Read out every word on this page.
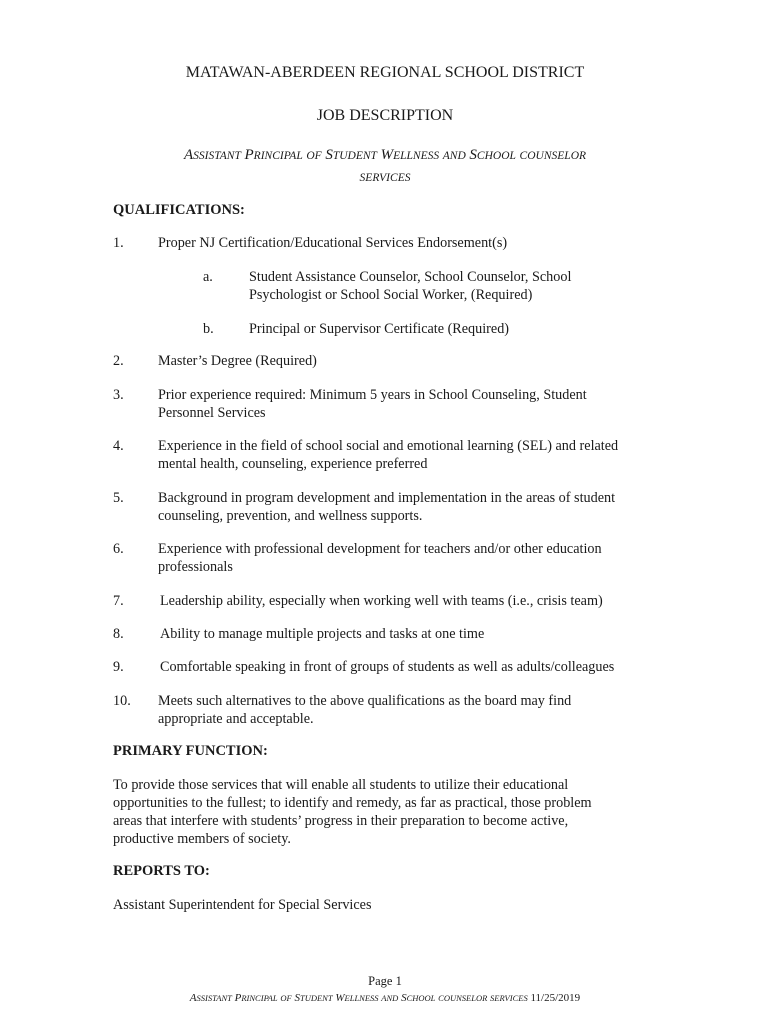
MATAWAN-ABERDEEN REGIONAL SCHOOL DISTRICT
JOB DESCRIPTION
ASSISTANT PRINCIPAL OF STUDENT WELLNESS AND SCHOOL COUNSELOR
SERVICES
QUALIFICATIONS:
1. Proper NJ Certification/Educational Services Endorsement(s)
a.	Student Assistance Counselor, School Counselor, School Psychologist or School Social Worker, (Required)
b. Principal or Supervisor Certificate (Required)
2. Master’s Degree (Required)
3. Prior experience required: Minimum 5 years in School Counseling, Student Personnel Services
4. Experience in the field of school social and emotional learning (SEL) and related mental health, counseling, experience preferred
5. Background in program development and implementation in the areas of student counseling, prevention, and wellness supports.
6. Experience with professional development for teachers and/or other education professionals
7.	Leadership ability, especially when working well with teams (i.e., crisis team)
8.	Ability to manage multiple projects and tasks at one time
9.	Comfortable speaking in front of groups of students as well as adults/colleagues
10. Meets such alternatives to the above qualifications as the board may find appropriate and acceptable.
PRIMARY FUNCTION:
To provide those services that will enable all students to utilize their educational opportunities to the fullest; to identify and remedy, as far as practical, those problem areas that interfere with students’ progress in their preparation to become active, productive members of society.
REPORTS TO:
Assistant Superintendent for Special Services
Page 1
ASSISTANT PRINCIPAL OF STUDENT WELLNESS AND SCHOOL COUNSELOR SERVICES 11/25/2019
